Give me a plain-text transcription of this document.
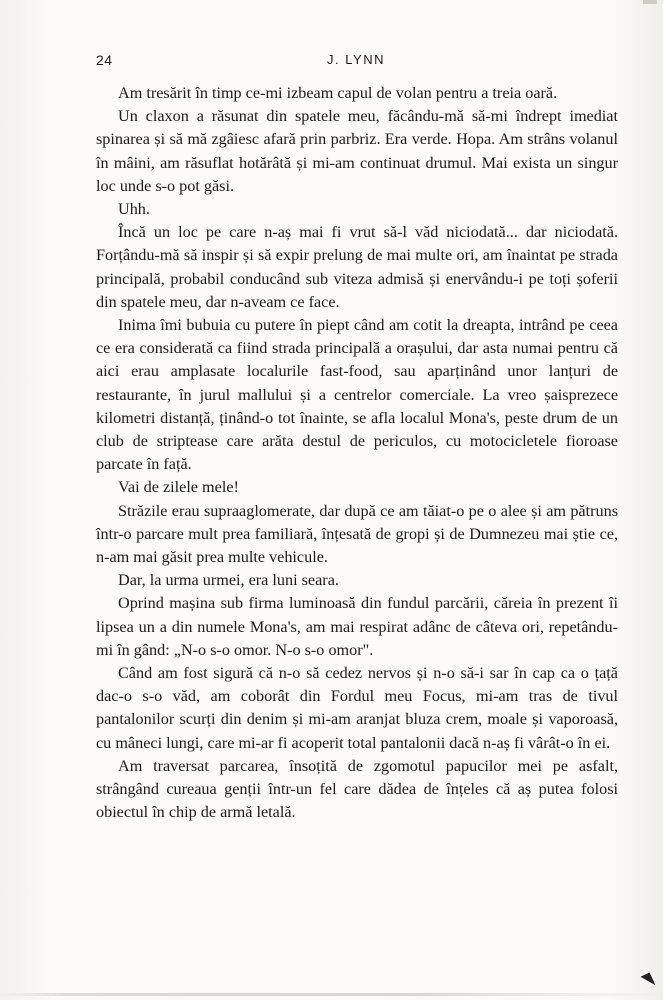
24	J. LYNN

Am tresărit în timp ce-mi izbeam capul de volan pentru a treia oară.

Un claxon a răsunat din spatele meu, făcându-mă să-mi îndrept imediat spinarea și să mă zgâiesc afară prin parbriz. Era verde. Hopa. Am strâns volanul în mâini, am răsuflat hotărâtă și mi-am continuat drumul. Mai exista un singur loc unde s-o pot găsi.

Uhh.

Încă un loc pe care n-aș mai fi vrut să-l văd niciodată... dar niciodată. Forțându-mă să inspir și să expir prelung de mai multe ori, am înaintat pe strada principală, probabil conducând sub viteza admisă și enervându-i pe toți șoferii din spatele meu, dar n-aveam ce face.

Inima îmi bubuia cu putere în piept când am cotit la dreapta, intrând pe ceea ce era considerată ca fiind strada principală a orașului, dar asta numai pentru că aici erau amplasate localurile fast-food, sau aparținând unor lanțuri de restaurante, în jurul mallului și a centrelor comerciale. La vreo șaisprezece kilometri distanță, ținând-o tot înainte, se afla localul Mona's, peste drum de un club de striptease care arăta destul de periculos, cu motocicletele fioroase parcate în față.

Vai de zilele mele!

Străzile erau supraaglomerate, dar după ce am tăiat-o pe o alee și am pătruns într-o parcare mult prea familiară, înțesată de gropi și de Dumnezeu mai știe ce, n-am mai găsit prea multe vehicule.

Dar, la urma urmei, era luni seara.

Oprind mașina sub firma luminoasă din fundul parcării, căreia în prezent îi lipsea un a din numele Mona's, am mai respirat adânc de câteva ori, repetându-mi în gând: „N-o s-o omor. N-o s-o omor".

Când am fost sigură că n-o să cedez nervos și n-o să-i sar în cap ca o țață dac-o s-o văd, am coborât din Fordul meu Focus, mi-am tras de tivul pantalonilor scurți din denim și mi-am aranjat bluza crem, moale și vaporoasă, cu mâneci lungi, care mi-ar fi acoperit total pantalonii dacă n-aș fi vârât-o în ei.

Am traversat parcarea, însoțită de zgomotul papucilor mei pe asfalt, strângând cureaua genții într-un fel care dădea de înțeles că aș putea folosi obiectul în chip de armă letală.
